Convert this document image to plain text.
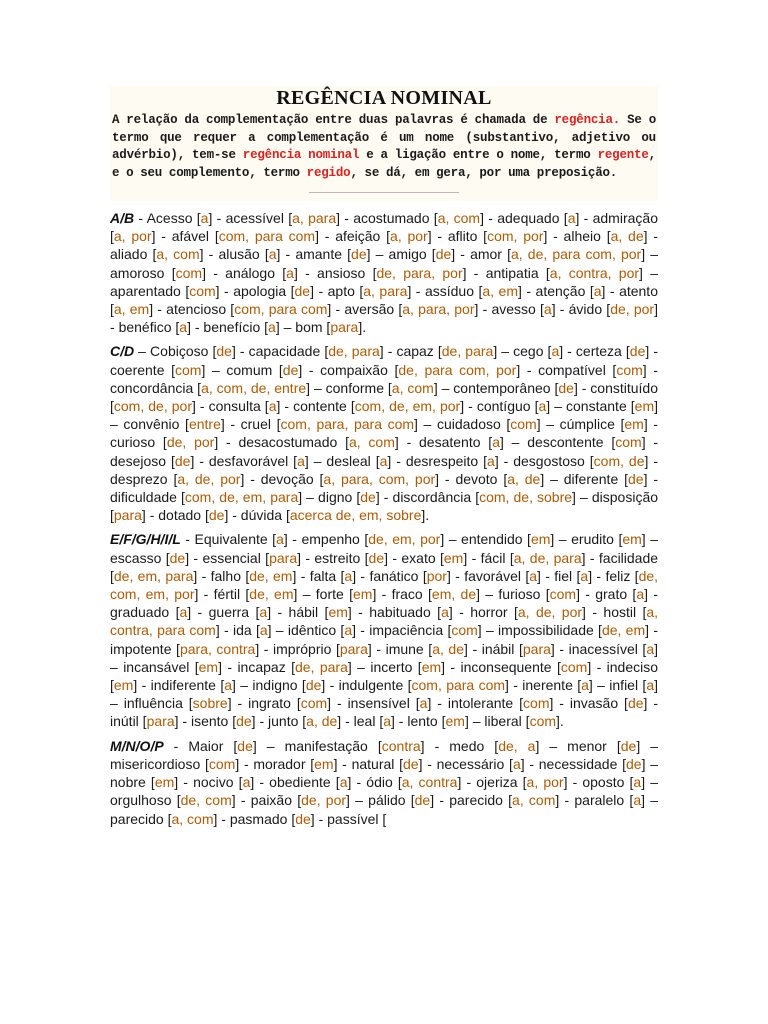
REGÊNCIA NOMINAL

A relação da complementação entre duas palavras é chamada de regência. Se o termo que requer a complementação é um nome (substantivo, adjetivo ou advérbio), tem-se regência nominal e a ligação entre o nome, termo regente, e o seu complemento, termo regido, se dá, em gera, por uma preposição.

A/B - Acesso [a] - acessível [a, para] - acostumado [a, com] - adequado [a] - admiração [a, por] - afável [com, para com] - afeição [a, por] - aflito [com, por] - alheio [a, de] - aliado [a, com] - alusão [a] - amante [de] – amigo [de] - amor [a, de, para com, por] – amoroso [com] - análogo [a] - ansioso [de, para, por] - antipatia [a, contra, por] – aparentado [com] - apologia [de] - apto [a, para] - assíduo [a, em] - atenção [a] - atento [a, em] - atencioso [com, para com] - aversão [a, para, por] - avesso [a] - ávido [de, por] - benéfico [a] - benefício [a] – bom [para].

C/D – Cobiçoso [de] - capacidade [de, para] - capaz [de, para] – cego [a] - certeza [de] - coerente [com] – comum [de] - compaixão [de, para com, por] - compatível [com] - concordância [a, com, de, entre] – conforme [a, com] – contemporâneo [de] - constituído [com, de, por] - consulta [a] - contente [com, de, em, por] - contíguo [a] – constante [em] – convênio [entre] - cruel [com, para, para com] – cuidadoso [com] – cúmplice [em] - curioso [de, por] - desacostumado [a, com] - desatento [a] – descontente [com] - desejoso [de] - desfavorável [a] – desleal [a] - desrespeito [a] - desgostoso [com, de] - desprezo [a, de, por] - devoção [a, para, com, por] - devoto [a, de] – diferente [de] - dificuldade [com, de, em, para] – digno [de] - discordância [com, de, sobre] – disposição [para] - dotado [de] - dúvida [acerca de, em, sobre].

E/F/G/H/I/L - Equivalente [a] - empenho [de, em, por] – entendido [em] – erudito [em] – escasso [de] - essencial [para] - estreito [de] - exato [em] - fácil [a, de, para] - facilidade [de, em, para] - falho [de, em] - falta [a] - fanático [por] - favorável [a] - fiel [a] - feliz [de, com, em, por] - fértil [de, em] – forte [em] - fraco [em, de] – furioso [com] - grato [a] - graduado [a] - guerra [a] - hábil [em] - habituado [a] - horror [a, de, por] - hostil [a, contra, para com] - ida [a] – idêntico [a] - impaciência [com] – impossibilidade [de, em] - impotente [para, contra] - impróprio [para] - imune [a, de] - inábil [para] - inacessível [a] – incansável [em] - incapaz [de, para] – incerto [em] - inconsequente [com] - indeciso [em] - indiferente [a] – indigno [de] - indulgente [com, para com] - inerente [a] – infiel [a] – influência [sobre] - ingrato [com] - insensível [a] - intolerante [com] - invasão [de] - inútil [para] - isento [de] - junto [a, de] - leal [a] - lento [em] – liberal [com].

M/N/O/P - Maior [de] – manifestação [contra] - medo [de, a] – menor [de] – misericordioso [com] - morador [em] - natural [de] - necessário [a] - necessidade [de] – nobre [em] - nocivo [a] - obediente [a] - ódio [a, contra] - ojeriza [a, por] - oposto [a] – orgulhoso [de, com] - paixão [de, por] – pálido [de] - parecido [a, com] - paralelo [a] – parecido [a, com] - pasmado [de] - passível [
